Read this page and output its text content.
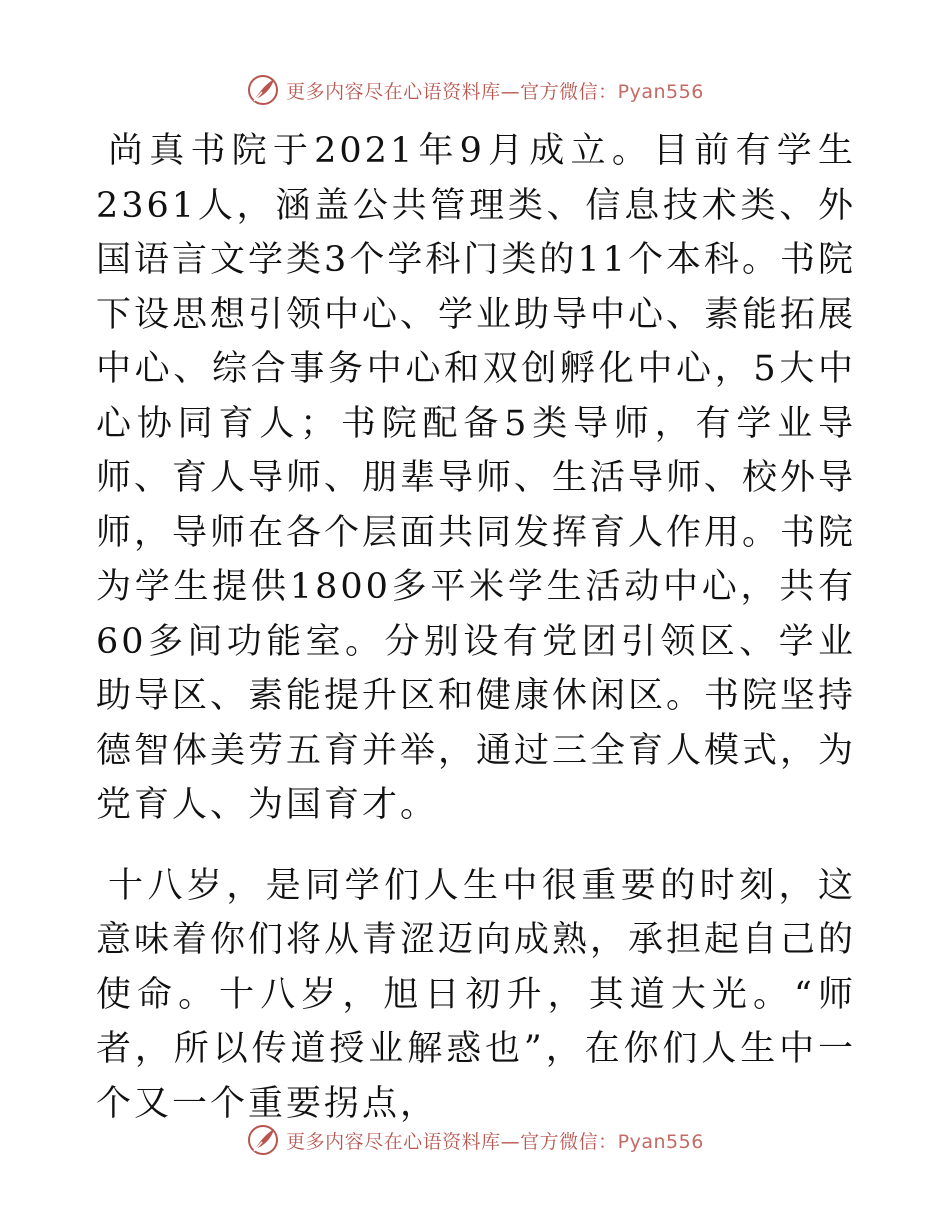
更多内容尽在心语资料库—官方微信：Pyan556

尚真书院于2021年9月成立。目前有学生2361人，涵盖公共管理类、信息技术类、外国语言文学类3个学科门类的11个本科。书院下设思想引领中心、学业助导中心、素能拓展中心、综合事务中心和双创孵化中心，5大中心协同育人；书院配备5类导师，有学业导师、育人导师、朋辈导师、生活导师、校外导师，导师在各个层面共同发挥育人作用。书院为学生提供1800多平米学生活动中心，共有60多间功能室。分别设有党团引领区、学业助导区、素能提升区和健康休闲区。书院坚持德智体美劳五育并举，通过三全育人模式，为党育人、为国育才。

十八岁，是同学们人生中很重要的时刻，这意味着你们将从青涩迈向成熟，承担起自己的使命。十八岁，旭日初升，其道大光。“师者，所以传道授业解惑也”，在你们人生中一个又一个重要拐点，

更多内容尽在心语资料库—官方微信：Pyan556
